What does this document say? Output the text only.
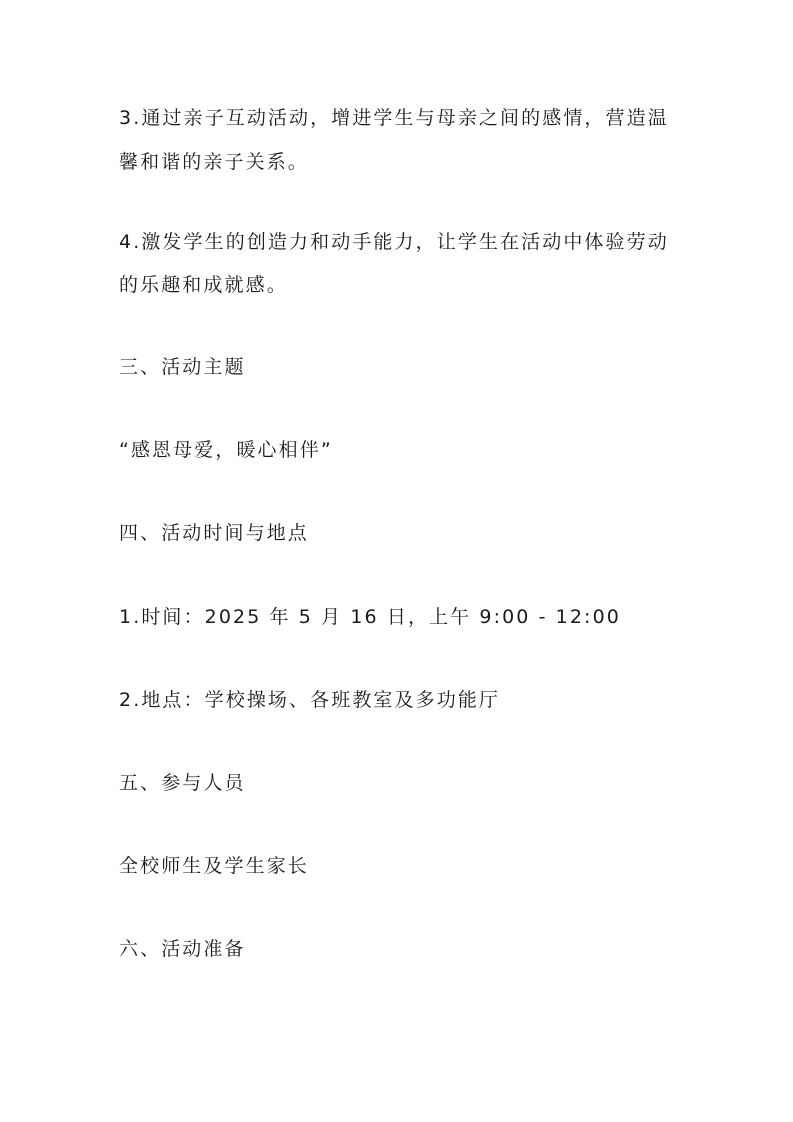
3.通过亲子互动活动，增进学生与母亲之间的感情，营造温
馨和谐的亲子关系。
4.激发学生的创造力和动手能力，让学生在活动中体验劳动
的乐趣和成就感。
三、活动主题
“感恩母爱，暖心相伴”
四、活动时间与地点
1.时间：2025 年 5 月 16 日，上午 9:00 - 12:00
2.地点：学校操场、各班教室及多功能厅
五、参与人员
全校师生及学生家长
六、活动准备
